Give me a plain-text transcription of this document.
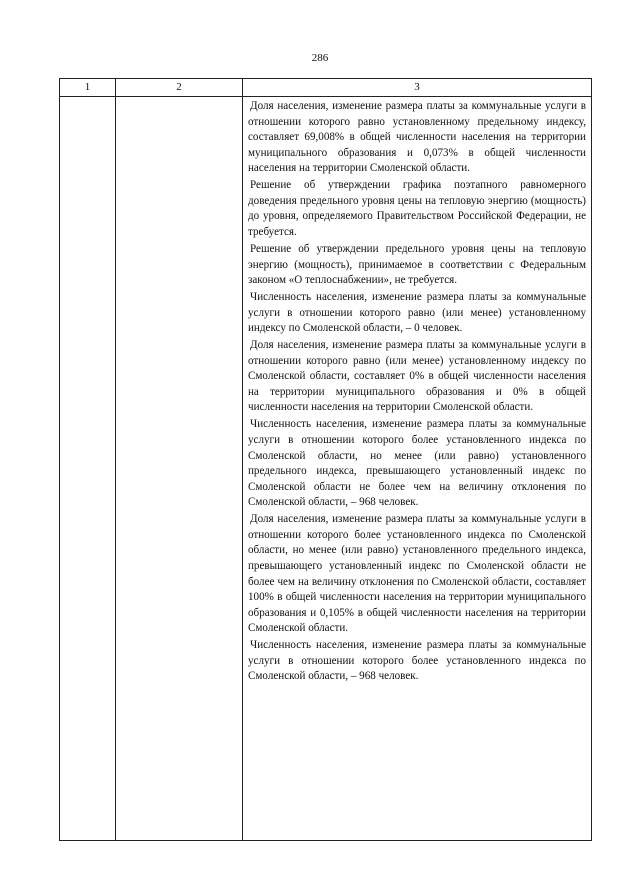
286
1	2	3

Доля населения, изменение размера платы за коммунальные услуги в отношении которого равно установленному предельному индексу, составляет 69,008% в общей численности населения на территории муниципального образования и 0,073% в общей численности населения на территории Смоленской области.

Решение об утверждении графика поэтапного равномерного доведения предельного уровня цены на тепловую энергию (мощность) до уровня, определяемого Правительством Российской Федерации, не требуется.

Решение об утверждении предельного уровня цены на тепловую энергию (мощность), принимаемое в соответствии с Федеральным законом «О теплоснабжении», не требуется.

Численность населения, изменение размера платы за коммунальные услуги в отношении которого равно (или менее) установленному индексу по Смоленской области, – 0 человек.

Доля населения, изменение размера платы за коммунальные услуги в отношении которого равно (или менее) установленному индексу по Смоленской области, составляет 0% в общей численности населения на территории муниципального образования и 0% в общей численности населения на территории Смоленской области.

Численность населения, изменение размера платы за коммунальные услуги в отношении которого более установленного индекса по Смоленской области, но менее (или равно) установленного предельного индекса, превышающего установленный индекс по Смоленской области не более чем на величину отклонения по Смоленской области, – 968 человек.

Доля населения, изменение размера платы за коммунальные услуги в отношении которого более установленного индекса по Смоленской области, но менее (или равно) установленного предельного индекса, превышающего установленный индекс по Смоленской области не более чем на величину отклонения по Смоленской области, составляет 100% в общей численности населения на территории муниципального образования и 0,105% в общей численности населения на территории Смоленской области.

Численность населения, изменение размера платы за коммунальные услуги в отношении которого более установленного индекса по Смоленской области, – 968 человек.
